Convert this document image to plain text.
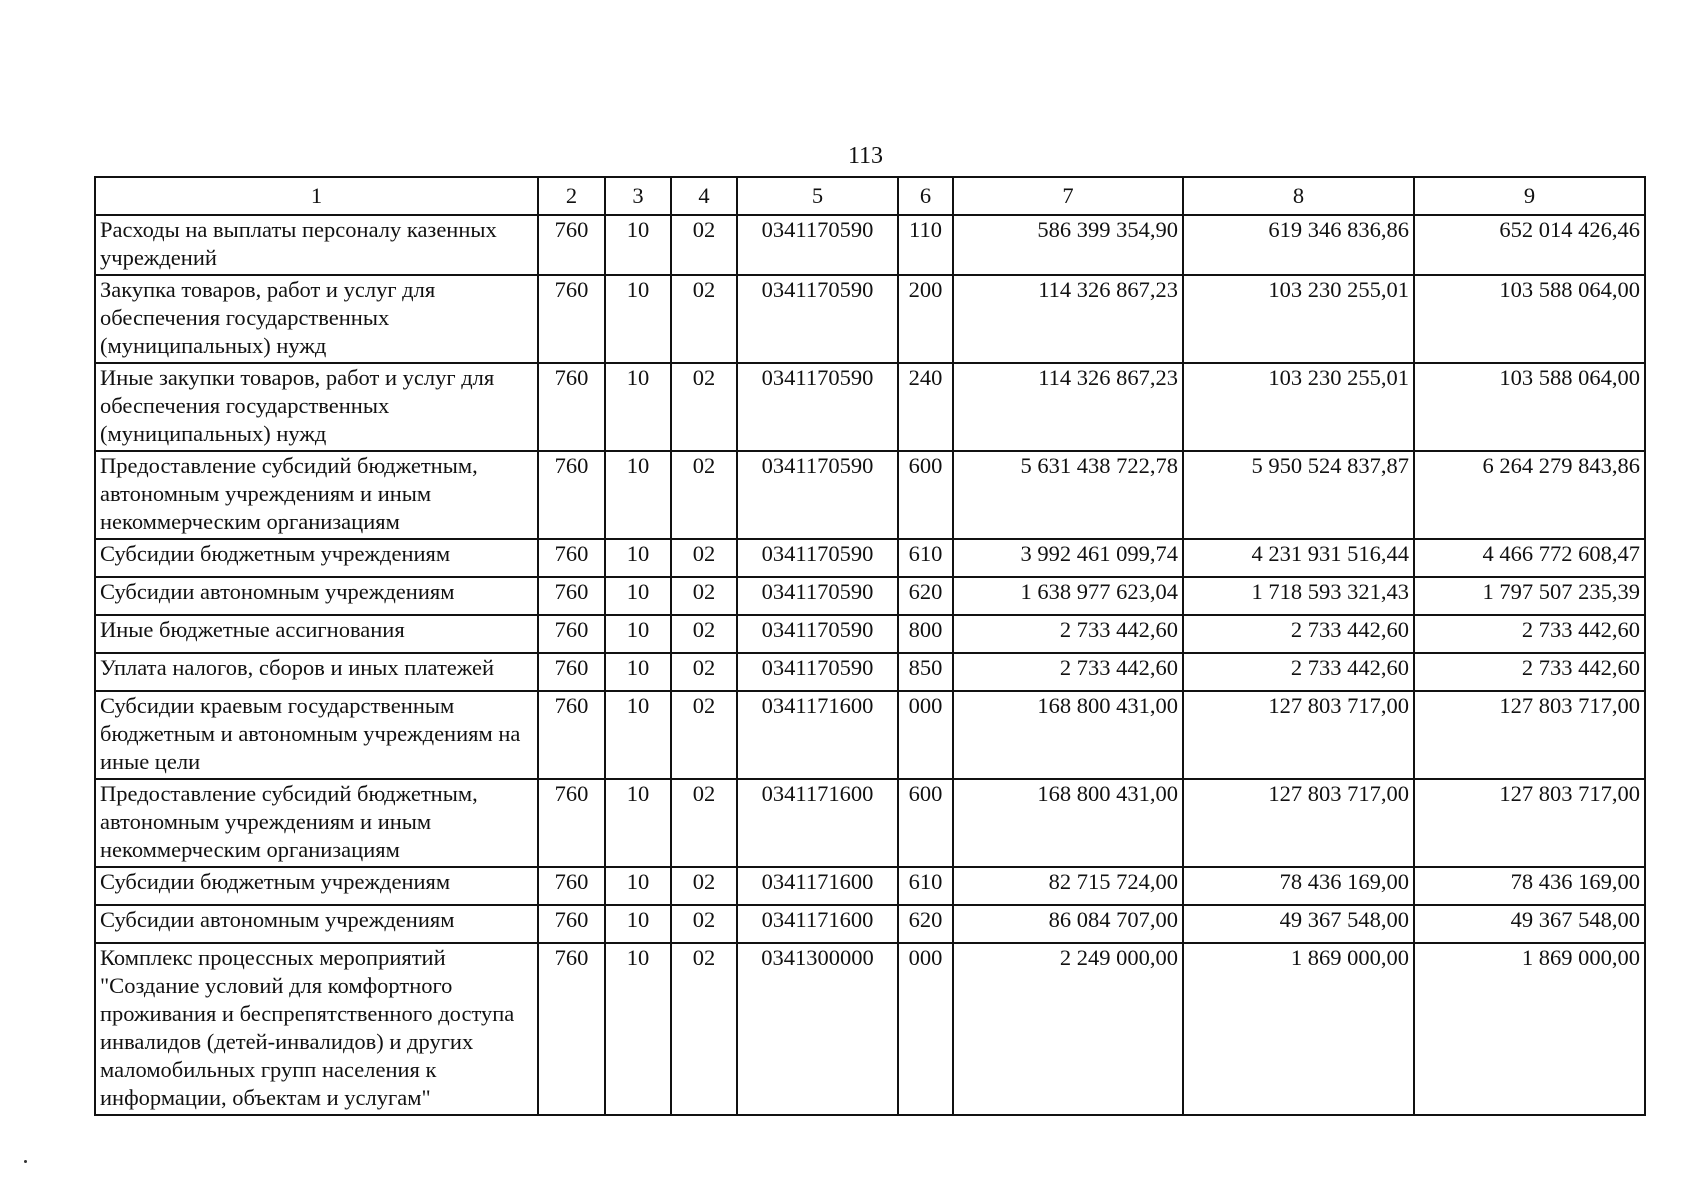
113
1	2	3	4	5	6	7	8	9
Расходы на выплаты персоналу казенных учреждений	760	10	02	0341170590	110	586 399 354,90	619 346 836,86	652 014 426,46
Закупка товаров, работ и услуг для обеспечения государственных (муниципальных) нужд	760	10	02	0341170590	200	114 326 867,23	103 230 255,01	103 588 064,00
Иные закупки товаров, работ и услуг для обеспечения государственных (муниципальных) нужд	760	10	02	0341170590	240	114 326 867,23	103 230 255,01	103 588 064,00
Предоставление субсидий бюджетным, автономным учреждениям и иным некоммерческим организациям	760	10	02	0341170590	600	5 631 438 722,78	5 950 524 837,87	6 264 279 843,86
Субсидии бюджетным учреждениям	760	10	02	0341170590	610	3 992 461 099,74	4 231 931 516,44	4 466 772 608,47
Субсидии автономным учреждениям	760	10	02	0341170590	620	1 638 977 623,04	1 718 593 321,43	1 797 507 235,39
Иные бюджетные ассигнования	760	10	02	0341170590	800	2 733 442,60	2 733 442,60	2 733 442,60
Уплата налогов, сборов и иных платежей	760	10	02	0341170590	850	2 733 442,60	2 733 442,60	2 733 442,60
Субсидии краевым государственным бюджетным и автономным учреждениям на иные цели	760	10	02	0341171600	000	168 800 431,00	127 803 717,00	127 803 717,00
Предоставление субсидий бюджетным, автономным учреждениям и иным некоммерческим организациям	760	10	02	0341171600	600	168 800 431,00	127 803 717,00	127 803 717,00
Субсидии бюджетным учреждениям	760	10	02	0341171600	610	82 715 724,00	78 436 169,00	78 436 169,00
Субсидии автономным учреждениям	760	10	02	0341171600	620	86 084 707,00	49 367 548,00	49 367 548,00
Комплекс процессных мероприятий "Создание условий для комфортного проживания и беспрепятственного доступа инвалидов (детей-инвалидов) и других маломобильных групп населения к информации, объектам и услугам"	760	10	02	0341300000	000	2 249 000,00	1 869 000,00	1 869 000,00
